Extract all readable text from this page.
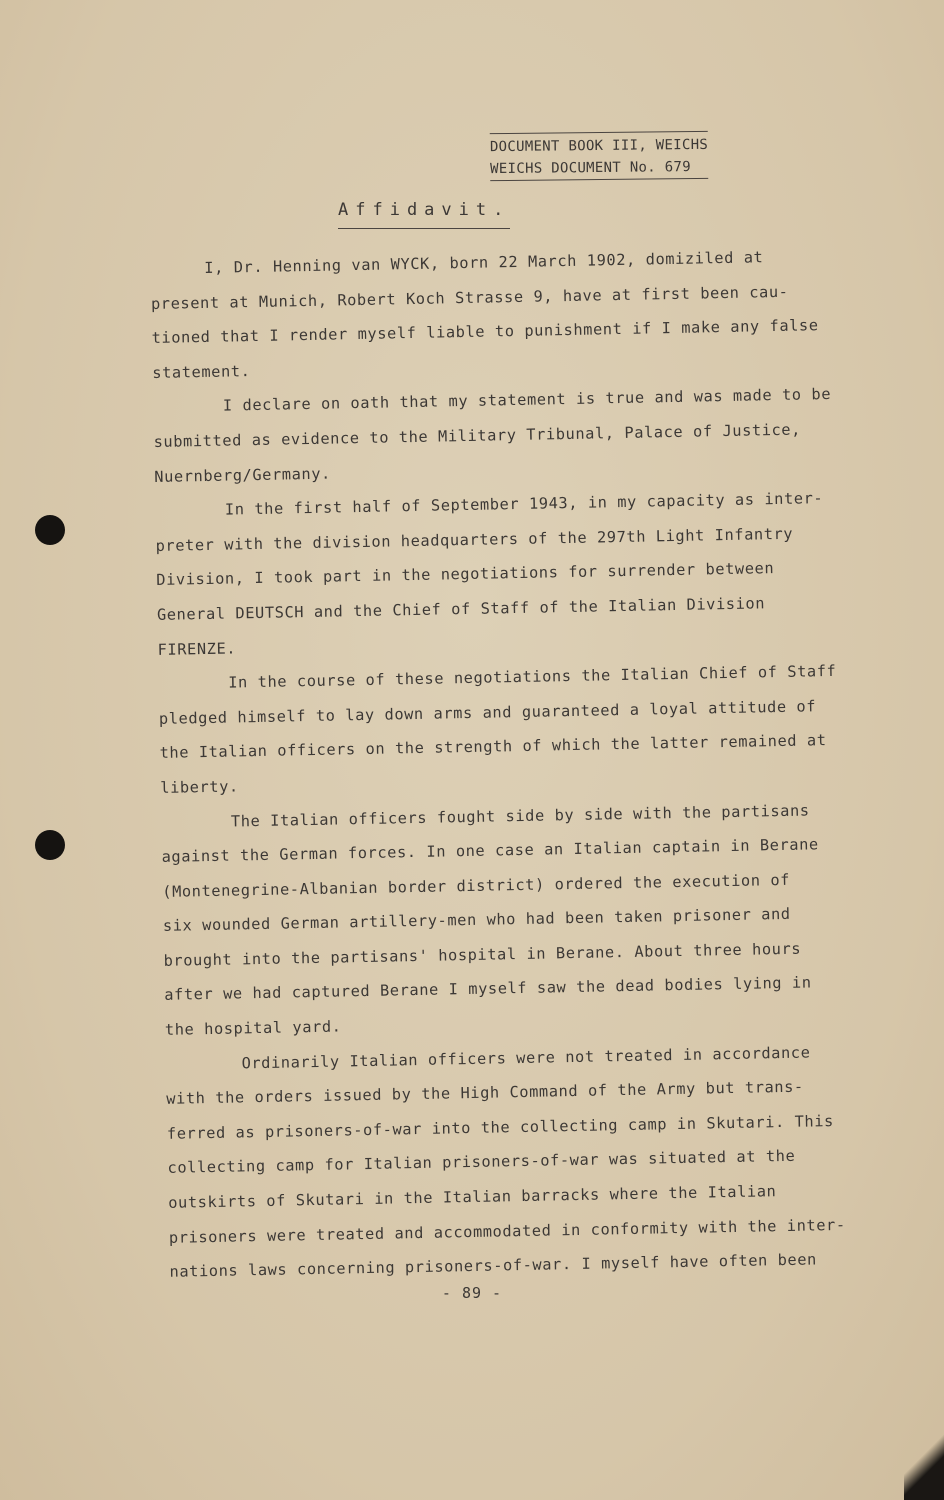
DOCUMENT BOOK III, WEICHS
WEICHS DOCUMENT No. 679
Affidavit.

I, Dr. Henning van WYCK, born 22 March 1902, domiziled at
present at Munich, Robert Koch Strasse 9, have at first been cau-
tioned that I render myself liable to punishment if I make any false
statement.

I declare on oath that my statement is true and was made to be
submitted as evidence to the Military Tribunal, Palace of Justice,
Nuernberg/Germany.

In the first half of September 1943, in my capacity as inter-
preter with the division headquarters of the 297th Light Infantry
Division, I took part in the negotiations for surrender between
General DEUTSCH and the Chief of Staff of the Italian Division FIRENZE.

In the course of these negotiations the Italian Chief of Staff
pledged himself to lay down arms and guaranteed a loyal attitude of
the Italian officers on the strength of which the latter remained at
liberty.

The Italian officers fought side by side with the partisans
against the German forces. In one case an Italian captain in Berane
(Montenegrine-Albanian border district) ordered the execution of
six wounded German artillery-men who had been taken prisoner and
brought into the partisans' hospital in Berane. About three hours
after we had captured Berane I myself saw the dead bodies lying in
the hospital yard.

Ordinarily Italian officers were not treated in accordance
with the orders issued by the High Command of the Army but trans-
ferred as prisoners-of-war into the collecting camp in Skutari. This
collecting camp for Italian prisoners-of-war was situated at the
outskirts of Skutari in the Italian barracks where the Italian
prisoners were treated and accommodated in conformity with the inter-
nations laws concerning prisoners-of-war. I myself have often been

- 89 -
